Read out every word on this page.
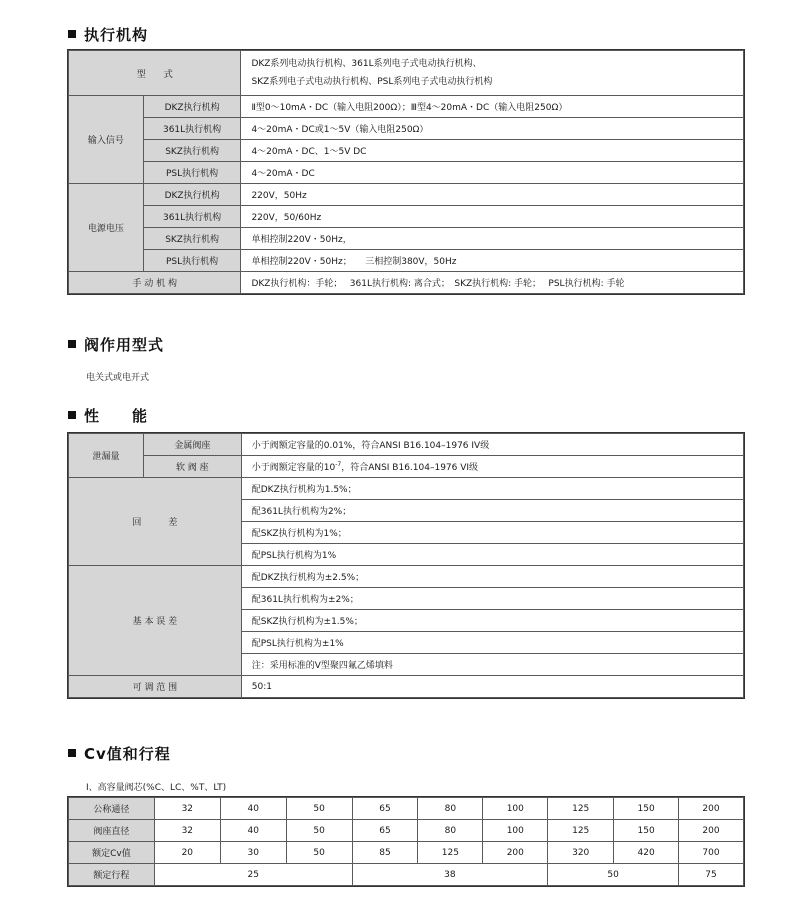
执行机构
型　　式		DKZ系列电动执行机构、361L系列电子式电动执行机构、
SKZ系列电子式电动执行机构、PSL系列电子式电动执行机构

输入信号	DKZ执行机构	Ⅱ型0～10mA・DC（输入电阻200Ω）；Ⅲ型4～20mA・DC（输入电阻250Ω）
	361L执行机构	4～20mA・DC或1～5V（输入电阻250Ω）
	SKZ执行机构	4～20mA・DC、1～5V DC
	PSL执行机构	4～20mA・DC
电源电压	DKZ执行机构	220V，50Hz
	361L执行机构	220V，50/60Hz
	SKZ执行机构	单相控制220V・50Hz，
	PSL执行机构	单相控制220V・50Hz；　　三相控制380V，50Hz
手 动 机 构		DKZ执行机构：手轮；　 361L执行机构: 离合式；　SKZ执行机构: 手轮；　 PSL执行机构: 手轮
阀作用型式
电关式或电开式
性　　能
泄漏量	金属阀座	小于阀额定容量的0.01%，符合ANSI B16.104–1976 IV级
	软 阀 座	小于阀额定容量的$10^{-7}$，符合ANSI B16.104–1976 VI级
回　　　差		配DKZ执行机构为1.5%；
		配361L执行机构为2%；
		配SKZ执行机构为1%；
		配PSL执行机构为1%
基 本 误 差		配DKZ执行机构为±2.5%；
		配361L执行机构为±2%；
		配SKZ执行机构为±1.5%；
		配PSL执行机构为±1%
		注：采用标准的V型聚四氟乙烯填料
可 调 范 围		50:1
Cv值和行程
I、高容量阀芯(%C、LC、%T、LT)
公称通径	32	40	50	65	80	100	125	150	200
阀座直径	32	40	50	65	80	100	125	150	200
额定Cv值	20	30	50	85	125	200	320	420	700
额定行程	25			38			50		75
